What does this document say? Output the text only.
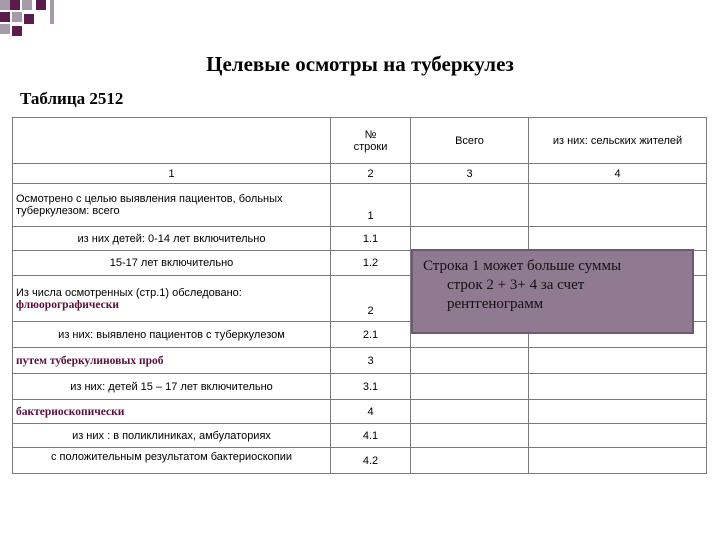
Целевые осмотры на туберкулез
Таблица 2512
	№
строки	Всего	из них: сельских жителей
1	2	3	4
Осмотрено с целью выявления пациентов, больных туберкулезом: всего	1		
из них детей: 0-14 лет включительно	1.1		
15-17 лет включительно	1.2		

Из числа осмотренных (стр.1) обследовано:
флюорографически	2		
из них: выявлено пациентов с туберкулезом	2.1		
путем туберкулиновых проб	3		
из них: детей 15 – 17 лет включительно	3.1		
бактериоскопически	4		
из них : в поликлиниках, амбулаториях	4.1		
с положительным результатом бактериоскопии	4.2		
Строка 1 может больше суммы
строк 2 + 3+ 4 за счет
рентгенограмм
